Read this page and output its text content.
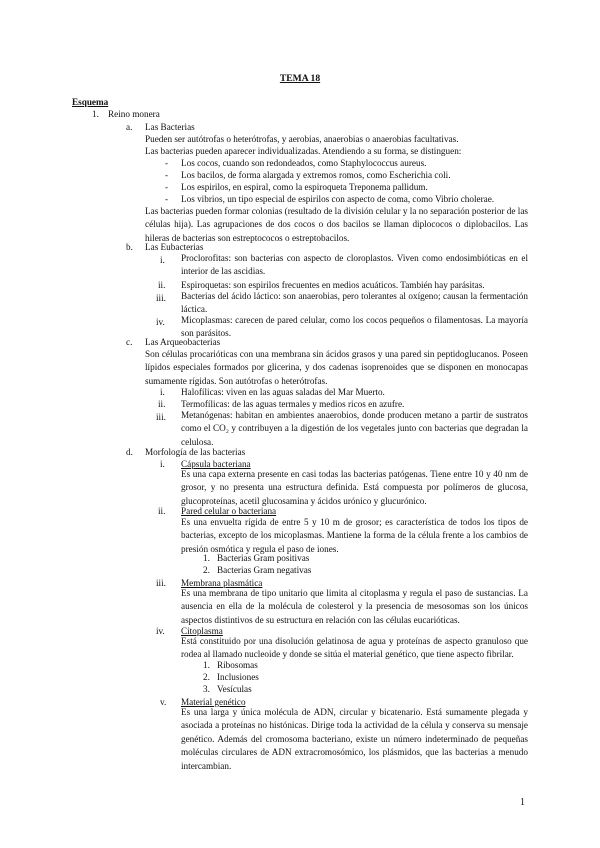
TEMA 18
Esquema
1. Reino monera
a. Las Bacterias
Pueden ser autótrofas o heterótrofas, y aerobias, anaerobias o anaerobias facultativas.
Las bacterias pueden aparecer individualizadas. Atendiendo a su forma, se distinguen:
- Los cocos, cuando son redondeados, como Staphylococcus aureus.
- Los bacilos, de forma alargada y extremos romos, como Escherichia coli.
- Los espirilos, en espiral, como la espiroqueta Treponema pallidum.
- Los vibrios, un tipo especial de espirilos con aspecto de coma, como Vibrio cholerae.
Las bacterias pueden formar colonias (resultado de la división celular y la no separación posterior de las células hija). Las agrupaciones de dos cocos o dos bacilos se llaman diplococos o diplobacilos. Las hileras de bacterias son estreptococos o estreptobacilos.
b. Las Eubacterias
i. Proclorofitas: son bacterias con aspecto de cloroplastos. Viven como endosimbióticas en el interior de las ascidias.
ii. Espiroquetas: son espirilos frecuentes en medios acuáticos. También hay parásitas.
iii. Bacterias del ácido láctico: son anaerobias, pero tolerantes al oxígeno; causan la fermentación láctica.
iv. Micoplasmas: carecen de pared celular, como los cocos pequeños o filamentosas. La mayoría son parásitos.
c. Las Arqueobacterias
Son células procarióticas con una membrana sin ácidos grasos y una pared sin peptidoglucanos. Poseen lípidos especiales formados por glicerina, y dos cadenas isoprenoides que se disponen en monocapas sumamente rígidas. Son autótrofas o heterótrofas.
i. Halofílicas: viven en las aguas saladas del Mar Muerto.
ii. Termofílicas: de las aguas termales y medios ricos en azufre.
iii. Metanógenas: habitan en ambientes anaerobios, donde producen metano a partir de sustratos como el CO₂ y contribuyen a la digestión de los vegetales junto con bacterias que degradan la celulosa.
d. Morfología de las bacterias
i. Cápsula bacteriana
Es una capa externa presente en casi todas las bacterias patógenas. Tiene entre 10 y 40 nm de grosor, y no presenta una estructura definida. Está compuesta por polímeros de glucosa, glucoproteínas, acetil glucosamina y ácidos urónico y glucurónico.
ii. Pared celular o bacteriana
Es una envuelta rígida de entre 5 y 10 m de grosor; es característica de todos los tipos de bacterias, excepto de los micoplasmas. Mantiene la forma de la célula frente a los cambios de presión osmótica y regula el paso de iones.
1. Bacterias Gram positivas
2. Bacterias Gram negativas
iii. Membrana plasmática
Es una membrana de tipo unitario que limita al citoplasma y regula el paso de sustancias. La ausencia en ella de la molécula de colesterol y la presencia de mesosomas son los únicos aspectos distintivos de su estructura en relación con las células eucarióticas.
iv. Citoplasma
Está constituido por una disolución gelatinosa de agua y proteínas de aspecto granuloso que rodea al llamado nucleoide y donde se sitúa el material genético, que tiene aspecto fibrilar.
1. Ribosomas
2. Inclusiones
3. Vesículas
v. Material genético
Es una larga y única molécula de ADN, circular y bicatenario. Está sumamente plegada y asociada a proteínas no histónicas. Dirige toda la actividad de la célula y conserva su mensaje genético. Además del cromosoma bacteriano, existe un número indeterminado de pequeñas moléculas circulares de ADN extracromosómico, los plásmidos, que las bacterias a menudo intercambian.
1
